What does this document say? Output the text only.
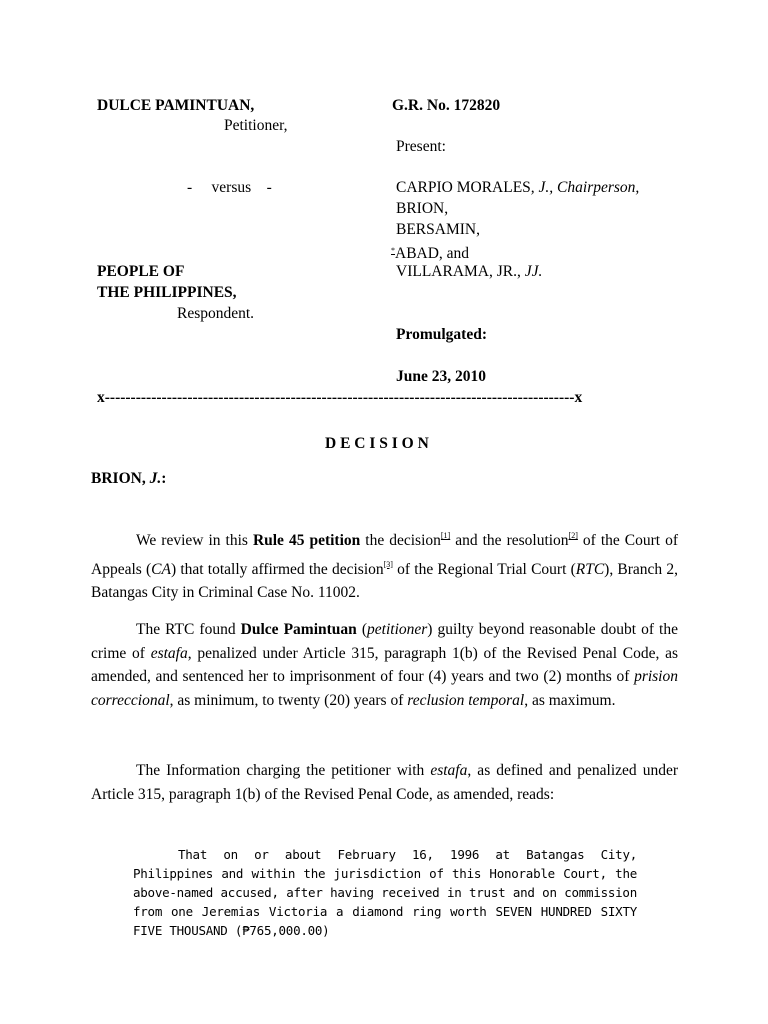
DULCE PAMINTUAN,
Petitioner,
-     versus    -
PEOPLE OF
THE PHILIPPINES,
Respondent.
G.R. No. 172820
Present:
CARPIO MORALES, J., Chairperson,
BRION,
BERSAMIN,
*ABAD, and
VILLARAMA, JR., JJ.
Promulgated:
June 23, 2010
x-------------------------------------------------------------------------------------------x
D E C I S I O N
BRION, J.:
We review in this Rule 45 petition the decision[1] and the resolution[2] of the Court of Appeals (CA) that totally affirmed the decision[3] of the Regional Trial Court (RTC), Branch 2, Batangas City in Criminal Case No. 11002.
The RTC found Dulce Pamintuan (petitioner) guilty beyond reasonable doubt of the crime of estafa, penalized under Article 315, paragraph 1(b) of the Revised Penal Code, as amended, and sentenced her to imprisonment of four (4) years and two (2) months of prision correccional, as minimum, to twenty (20) years of reclusion temporal, as maximum.
The Information charging the petitioner with estafa, as defined and penalized under Article 315, paragraph 1(b) of the Revised Penal Code, as amended, reads:
That on or about February 16, 1996 at Batangas City, Philippines and within the jurisdiction of this Honorable Court, the above-named accused, after having received in trust and on commission from one Jeremias Victoria a diamond ring worth SEVEN HUNDRED SIXTY FIVE THOUSAND (₱765,000.00)
